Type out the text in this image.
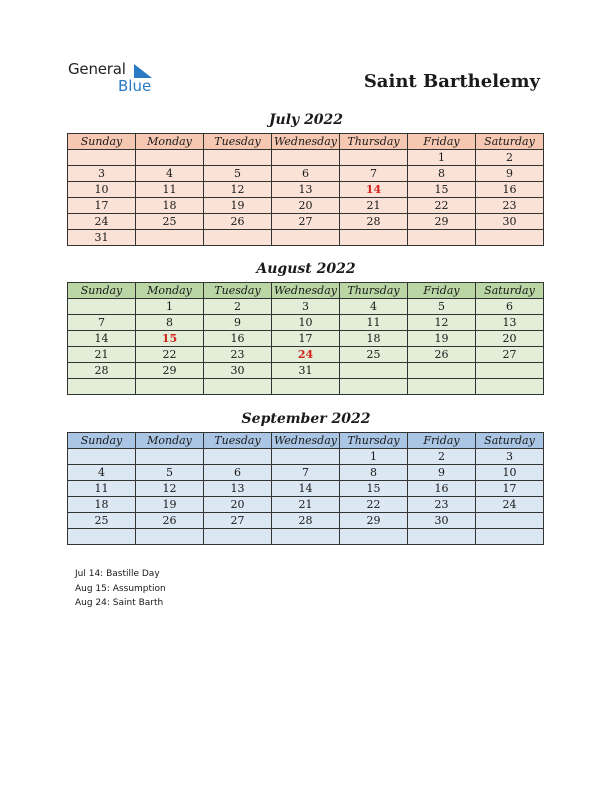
General
Blue	Saint Barthelemy
July 2022
Sunday	Monday	Tuesday	Wednesday	Thursday	Friday	Saturday
					1	2
3	4	5	6	7	8	9
10	11	12	13	14	15	16
17	18	19	20	21	22	23
24	25	26	27	28	29	30
31						
August 2022
Sunday	Monday	Tuesday	Wednesday	Thursday	Friday	Saturday
	1	2	3	4	5	6
7	8	9	10	11	12	13
14	15	16	17	18	19	20
21	22	23	24	25	26	27
28	29	30	31			

September 2022
Sunday	Monday	Tuesday	Wednesday	Thursday	Friday	Saturday
				1	2	3
4	5	6	7	8	9	10
11	12	13	14	15	16	17
18	19	20	21	22	23	24
25	26	27	28	29	30	

Jul 14: Bastille Day
Aug 15: Assumption
Aug 24: Saint Barth
